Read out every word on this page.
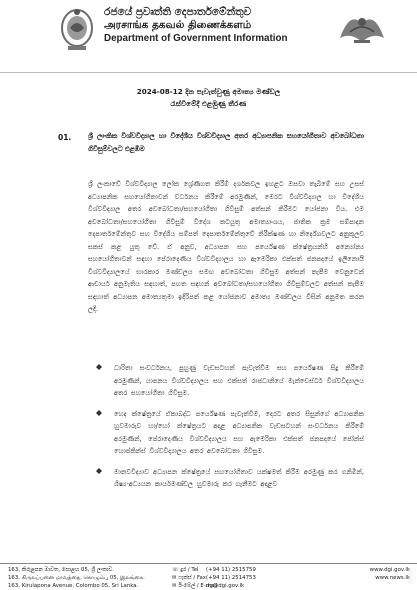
රජයේ ප්‍රවෘත්ති දෙපාර්තමේන්තුව
அரசாங்க தகவல் திணைக்களம்
Department of Government Information
2024-08-12 දින පැවැත්වුණු අමාත්‍ය මණ්ඩල
රැස්වීමේදී එළඹුණු තීරණ
01. ශ්‍රී ලාංකික විශ්වවිද්‍යාල හා විදේශීය විශ්වවිද්‍යාල අතර අධ්‍යාපනික සහයෝගීතාව අවබෝධතා ගිවිසුම්වලට එළඹීම
ශ්‍රී ලංකාවේ විශ්වවිද්‍යාල ලෝක ශ්‍රේණිගත කිරීම් දර්ශකවල ඉහළට ඔසවා තැබීමේ සහ උසස් අධ්‍යාපනික සහයෝගීතාවන් වර්ධනය කිරීමේ අරමුණින්, මෙරට විශ්වවිද්‍යාල හා විදේශීය විශ්වවිද්‍යාල අතර අවබෝධතා/සහයෝගීතා ගිවිසුම් අත්සන් කිරීමට යෝජනා විය. එම අවබෝධතා/සහයෝගීතා ගිවිසුම් විදේශ කටයුතු අමාත්‍යාංශය, ජාතික ක්‍රම සම්පාදන දෙපාර්තමේන්තුව සහ විදේශීය සම්පත් දෙපාර්තමේන්තුවේ නිරීක්ෂණ හා නිර්දේශවලට අනුකූලව සකස් කළ යුතු වේ. ඒ අනුව, අධ්‍යාපන සහ පර්යේෂණ ක්ෂේත්‍රයන්හි අන්‍යෝන්‍ය සහයෝගීතාවන් සඳහා පේරාදෙණිය විශ්වවිද්‍යාලය හා ඇමෙරිකා එක්සත් ජනපදයේ ඉලිනොයි විශ්වවිද්‍යාලයේ භාරකාර මණ්ඩලය සමඟ අවබෝධතා ගිවිසුම අත්සන් කැපීම වෙනුවෙන් ආචාර්ය අනුමැතිය සඳහාත්, පහත සඳහන් අවබෝධතා/සහයෝගීතා ගිවිසුම්වලට අත්සන් කැපීම සඳහාත් අධ්‍යාපන අමාත්‍යතුමා ඉදිරිපත් කළ යෝජනාව අමාත්‍ය මණ්ඩලය විසින් අනුමත කරන ලදී.
ධාරිතා සංවර්ධනය, පුහුණු වැඩසටහන් පැවැත්වීම සහ පර්යේෂණ සිදු කිරීමේ අරමුණින්, යාපනය විශ්වවිද්‍යාලය සහ එක්සත් රාජධානියේ මැන්චෙස්ටර් විශ්වවිද්‍යාලය අතර සහයෝගීතා ගිවිසුම.
හෙද ක්ෂේත්‍රයේ ඒකාබද්ධ පර්යේෂණ පැවැත්වීම, දෙරට අතර සිසුන්ගේ අධ්‍යාපනික හුවමාරුව හා/හෝ ක්ෂේත්‍රයට අදාළ අධ්‍යාපනික වැඩසටහන් සංවර්ධනය කිරීමේ අරමුණින්, පේරාදෙණිය විශ්වවිද්‍යාලය සහ ඇමෙරිකා එක්සත් ජනපදයේ ජෝන්ස් හොප්කින්ස් විශ්වවිද්‍යාලය අතර අවබෝධතා ගිවිසුම.
මානවවිද්‍යාව අධ්‍යාපන ක්ෂේත්‍රයේ සහයෝගීතාව යක්ෂමත් කිරීම අරමුණු කර ගනිමින්, ශිෂ්‍ය-අධ්‍යයන කාර්යමණ්ඩල හුවමාරු කර ගැනීමට අදාළව
163, කිරුළපන මාවත, පොළහ 05, ශ්‍රී ලංකාව.
163, கிருலப்பனை மாவத்தை, கொழும்பு 05, இலங்கை.
163, Kirulapona Avenue, Colombo 05, Sri Lanka.
☏ දුර / Tel	(+94 11) 2515759
✉ ෆැක්ස් / Fax (+94 11) 2514753
✉ ඊ-මේල් / E-mail
dg@dgi.gov.lk
www.dgi.gov.lk
www.news.lk
